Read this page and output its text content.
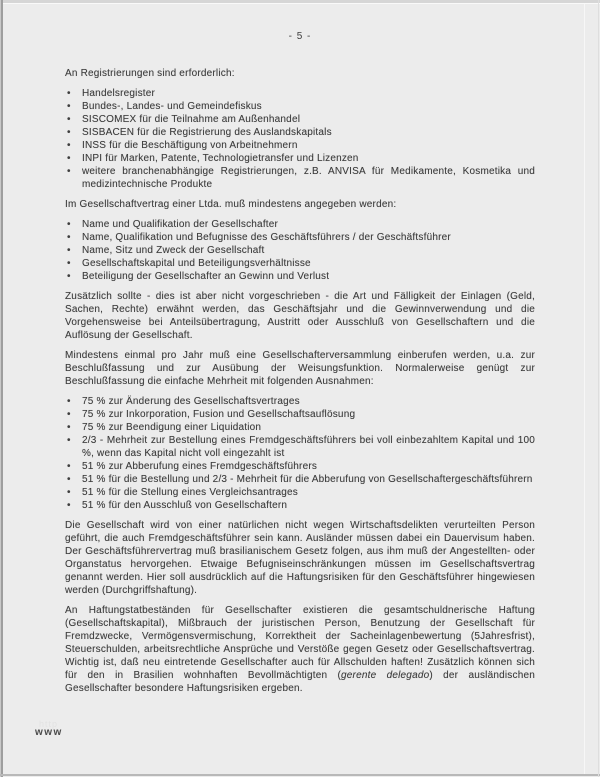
- 5 -
An Registrierungen sind erforderlich:
•	Handelsregister
•	Bundes-, Landes- und Gemeindefiskus
•	SISCOMEX für die Teilnahme am Außenhandel
•	SISBACEN für die Registrierung des Auslandskapitals
•	INSS für die Beschäftigung von Arbeitnehmern
•	INPI für Marken, Patente, Technologietransfer und Lizenzen
•	weitere branchenabhängige Registrierungen, z.B. ANVISA für Medikamente, Kosmetika und medizintechnische Produkte
Im Gesellschaftvertrag einer Ltda. muß mindestens angegeben werden:
•	Name und Qualifikation der Gesellschafter
•	Name, Qualifikation und Befugnisse des Geschäftsführers / der Geschäftsführer
•	Name, Sitz und Zweck der Gesellschaft
•	Gesellschaftskapital und Beteiligungsverhältnisse
•	Beteiligung der Gesellschafter an Gewinn und Verlust
Zusätzlich sollte - dies ist aber nicht vorgeschrieben - die Art und Fälligkeit der Einlagen (Geld, Sachen, Rechte) erwähnt werden, das Geschäftsjahr und die Gewinnverwendung und die Vorgehensweise bei Anteilsübertragung, Austritt oder Ausschluß von Gesellschaftern und die Auflösung der Gesellschaft.
Mindestens einmal pro Jahr muß eine Gesellschafterversammlung einberufen werden, u.a. zur Beschlußfassung und zur Ausübung der Weisungsfunktion. Normalerweise genügt zur Beschlußfassung die einfache Mehrheit mit folgenden Ausnahmen:
•	75 % zur Änderung des Gesellschaftsvertrages
•	75 % zur Inkorporation, Fusion und Gesellschaftsauflösung
•	75 % zur Beendigung einer Liquidation
•	2/3 - Mehrheit zur Bestellung eines Fremdgeschäftsführers bei voll einbezahltem Kapital und 100 %, wenn das Kapital nicht voll eingezahlt ist
•	51 % zur Abberufung eines Fremdgeschäftsführers
•	51 % für die Bestellung und 2/3 - Mehrheit für die Abberufung von Gesellschaftergeschäftsführern
•	51 % für die Stellung eines Vergleichsantrages
•	51 % für den Ausschluß von Gesellschaftern
Die Gesellschaft wird von einer natürlichen nicht wegen Wirtschaftsdelikten verurteilten Person geführt, die auch Fremdgeschäftsführer sein kann. Ausländer müssen dabei ein Dauervisum haben. Der Geschäftsführervertrag muß brasilianischem Gesetz folgen, aus ihm muß der Angestellten- oder Organstatus hervorgehen. Etwaige Befugniseinschränkungen müssen im Gesellschaftsvertrag genannt werden. Hier soll ausdrücklich auf die Haftungsrisiken für den Geschäftsführer hingewiesen werden (Durchgriffshaftung).
An Haftungstatbeständen für Gesellschafter existieren die gesamtschuldnerische Haftung (Gesellschaftskapital), Mißbrauch der juristischen Person, Benutzung der Gesellschaft für Fremdzwecke, Vermögensvermischung, Korrektheit der Sacheinlagenbewertung (5Jahresfrist), Steuerschulden, arbeitsrechtliche Ansprüche und Verstöße gegen Gesetz oder Gesellschaftsvertrag. Wichtig ist, daß neu eintretende Gesellschafter auch für Allschulden haften! Zusätzlich können sich für den in Brasilien wohnhaften Bevollmächtigten (gerente delegado) der ausländischen Gesellschafter besondere Haftungsrisiken ergeben.
http
www
